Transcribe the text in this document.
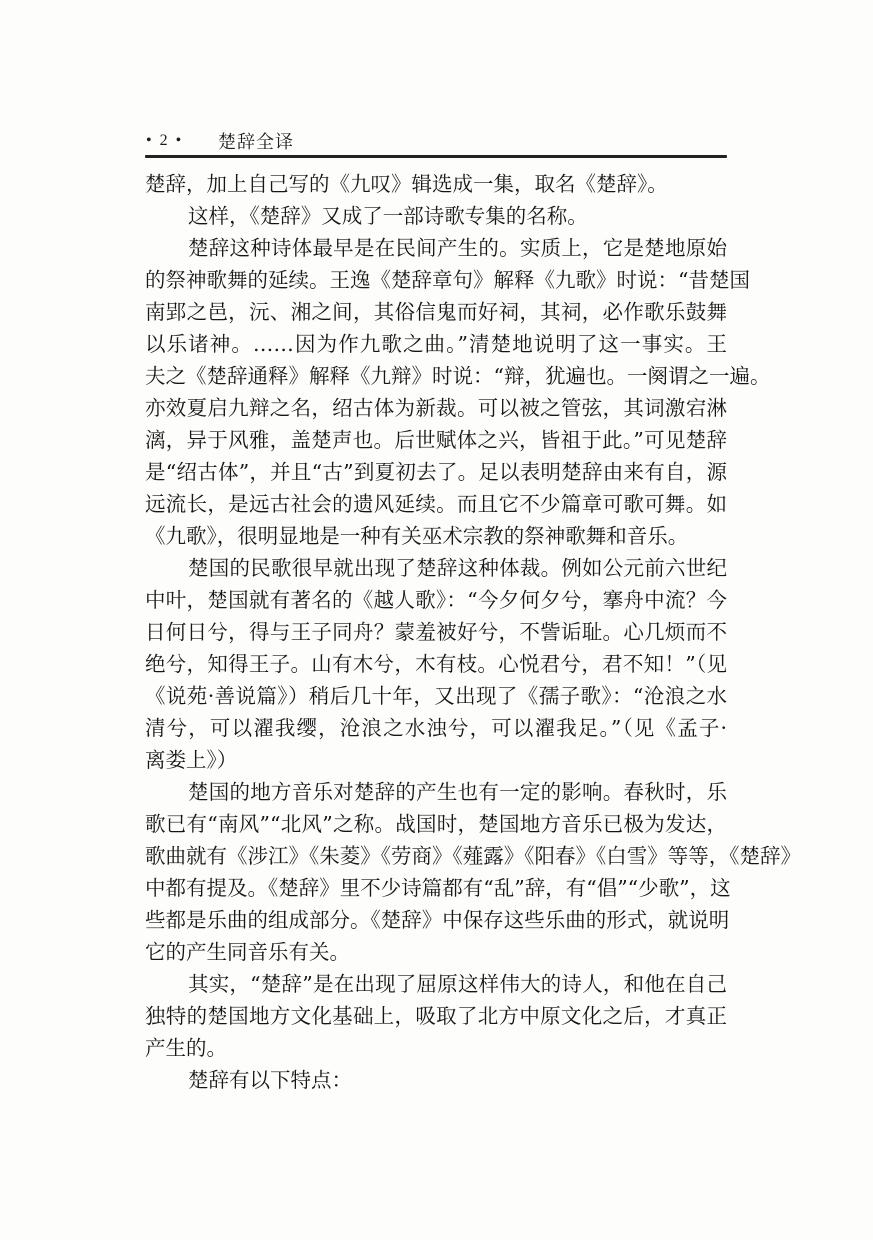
• 2 •	楚辞全译
楚辞，加上自己写的《九叹》辑选成一集，取名《楚辞》。
这样，《楚辞》又成了一部诗歌专集的名称。
楚辞这种诗体最早是在民间产生的。实质上，它是楚地原始
的祭神歌舞的延续。王逸《楚辞章句》解释《九歌》时说：“昔楚国
南郢之邑，沅、湘之间，其俗信鬼而好祠，其祠，必作歌乐鼓舞
以乐诸神。……因为作九歌之曲。”清楚地说明了这一事实。王
夫之《楚辞通释》解释《九辩》时说：“辩，犹遍也。一阕谓之一遍。
亦效夏启九辩之名，绍古体为新裁。可以被之管弦，其词激宕淋
漓，异于风雅，盖楚声也。后世赋体之兴，皆祖于此。”可见楚辞
是“绍古体”，并且“古”到夏初去了。足以表明楚辞由来有自，源
远流长，是远古社会的遗风延续。而且它不少篇章可歌可舞。如
《九歌》，很明显地是一种有关巫术宗教的祭神歌舞和音乐。
楚国的民歌很早就出现了楚辞这种体裁。例如公元前六世纪
中叶，楚国就有著名的《越人歌》：“今夕何夕兮，搴舟中流？今
日何日兮，得与王子同舟？蒙羞被好兮，不訾诟耻。心几烦而不
绝兮，知得王子。山有木兮，木有枝。心悦君兮，君不知！”（见
《说苑·善说篇》）稍后几十年，又出现了《孺子歌》：“沧浪之水
清兮，可以濯我缨，沧浪之水浊兮，可以濯我足。”（见《孟子·
离娄上》）
楚国的地方音乐对楚辞的产生也有一定的影响。春秋时，乐
歌已有“南风”“北风”之称。战国时，楚国地方音乐已极为发达，
歌曲就有《涉江》《朱菱》《劳商》《薤露》《阳春》《白雪》等等，《楚辞》
中都有提及。《楚辞》里不少诗篇都有“乱”辞，有“倡”“少歌”，这
些都是乐曲的组成部分。《楚辞》中保存这些乐曲的形式，就说明
它的产生同音乐有关。
其实，“楚辞”是在出现了屈原这样伟大的诗人，和他在自己
独特的楚国地方文化基础上，吸取了北方中原文化之后，才真正
产生的。
楚辞有以下特点：
